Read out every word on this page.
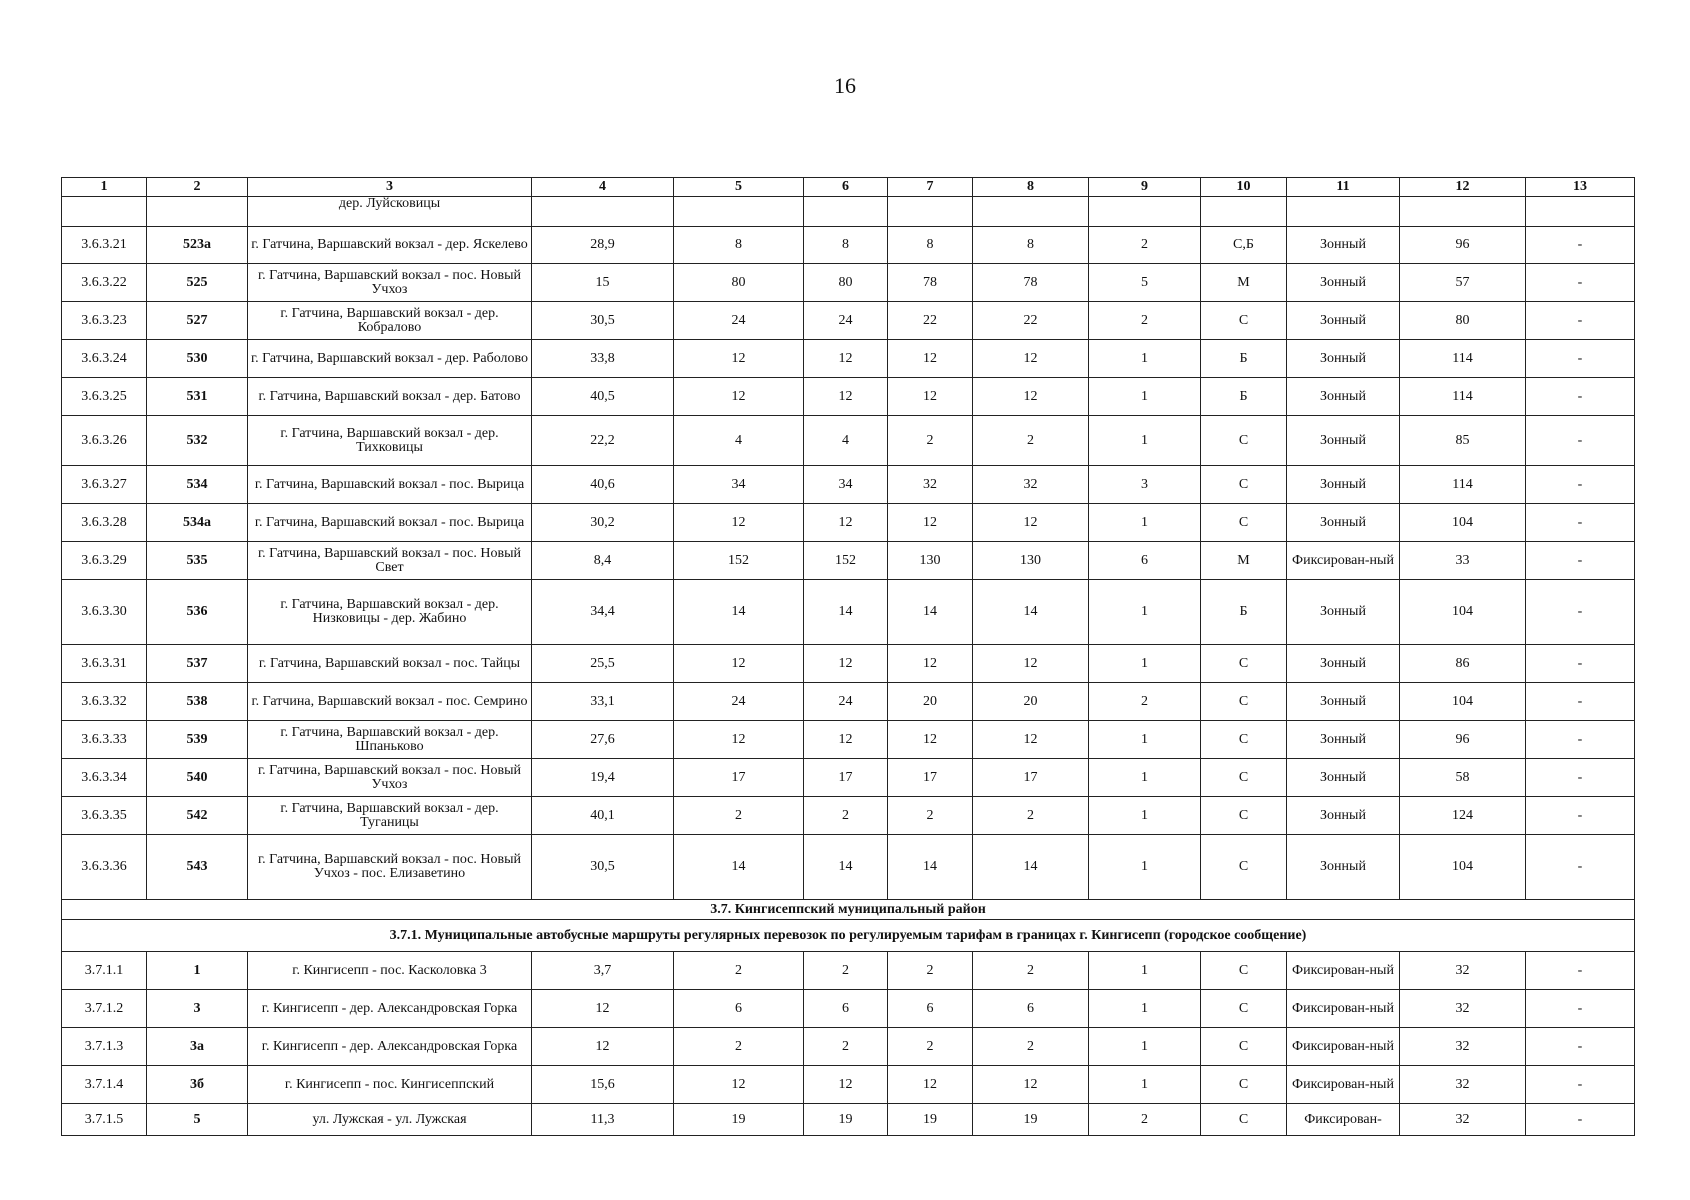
16
1	2	3	4	5	6	7	8	9	10	11	12	13
		дер. Луйсковицы										
3.6.3.21	523а	г. Гатчина, Варшавский вокзал - дер. Яскелево	28,9	8	8	8	8	2	С,Б	Зонный	96	-
3.6.3.22	525	г. Гатчина, Варшавский вокзал - пос. Новый Учхоз	15	80	80	78	78	5	М	Зонный	57	-
3.6.3.23	527	г. Гатчина, Варшавский вокзал - дер. Кобралово	30,5	24	24	22	22	2	С	Зонный	80	-
3.6.3.24	530	г. Гатчина, Варшавский вокзал - дер. Раболово	33,8	12	12	12	12	1	Б	Зонный	114	-
3.6.3.25	531	г. Гатчина, Варшавский вокзал - дер. Батово	40,5	12	12	12	12	1	Б	Зонный	114	-
3.6.3.26	532	г. Гатчина, Варшавский вокзал - дер. Тихковицы	22,2	4	4	2	2	1	С	Зонный	85	-
3.6.3.27	534	г. Гатчина, Варшавский вокзал - пос. Вырица	40,6	34	34	32	32	3	С	Зонный	114	-
3.6.3.28	534а	г. Гатчина, Варшавский вокзал - пос. Вырица	30,2	12	12	12	12	1	С	Зонный	104	-
3.6.3.29	535	г. Гатчина, Варшавский вокзал - пос. Новый Свет	8,4	152	152	130	130	6	М	Фиксирован-ный	33	-
3.6.3.30	536	г. Гатчина, Варшавский вокзал - дер. Низковицы - дер. Жабино	34,4	14	14	14	14	1	Б	Зонный	104	-
3.6.3.31	537	г. Гатчина, Варшавский вокзал - пос. Тайцы	25,5	12	12	12	12	1	С	Зонный	86	-
3.6.3.32	538	г. Гатчина, Варшавский вокзал - пос. Семрино	33,1	24	24	20	20	2	С	Зонный	104	-
3.6.3.33	539	г. Гатчина, Варшавский вокзал - дер. Шпаньково	27,6	12	12	12	12	1	С	Зонный	96	-
3.6.3.34	540	г. Гатчина, Варшавский вокзал - пос. Новый Учхоз	19,4	17	17	17	17	1	С	Зонный	58	-
3.6.3.35	542	г. Гатчина, Варшавский вокзал - дер. Туганицы	40,1	2	2	2	2	1	С	Зонный	124	-
3.6.3.36	543	г. Гатчина, Варшавский вокзал - пос. Новый Учхоз - пос. Елизаветино	30,5	14	14	14	14	1	С	Зонный	104	-
3.7. Кингисеппский муниципальный район												
3.7.1. Муниципальные автобусные маршруты регулярных перевозок по регулируемым тарифам в границах г. Кингисепп (городское сообщение)												
3.7.1.1	1	г. Кингисепп - пос. Касколовка 3	3,7	2	2	2	2	1	С	Фиксирован-ный	32	-
3.7.1.2	3	г. Кингисепп - дер. Александровская Горка	12	6	6	6	6	1	С	Фиксирован-ный	32	-
3.7.1.3	3а	г. Кингисепп - дер. Александровская Горка	12	2	2	2	2	1	С	Фиксирован-ный	32	-
3.7.1.4	3б	г. Кингисепп - пос. Кингисеппский	15,6	12	12	12	12	1	С	Фиксирован-ный	32	-
3.7.1.5	5	ул. Лужская - ул. Лужская	11,3	19	19	19	19	2	С	Фиксирован-	32	-
